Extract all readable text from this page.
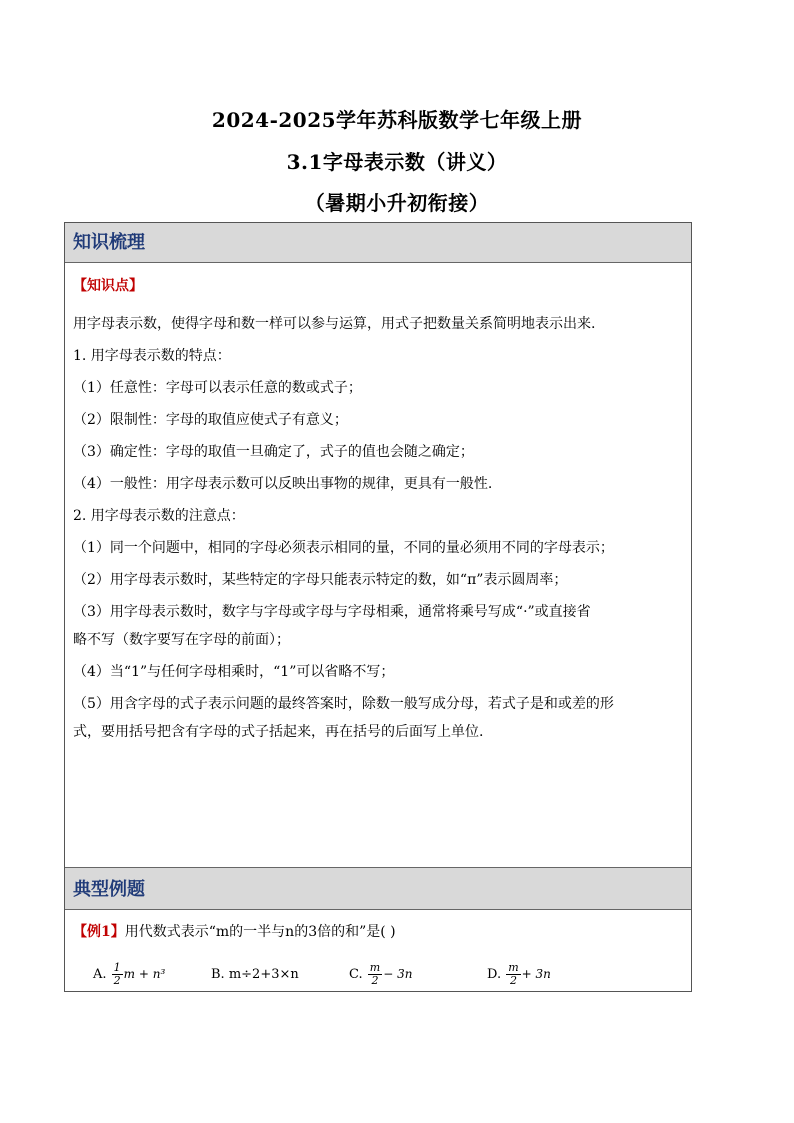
2024-2025学年苏科版数学七年级上册
3.1字母表示数（讲义）
（暑期小升初衔接）
知识梳理
【知识点】
用字母表示数，使得字母和数一样可以参与运算，用式子把数量关系简明地表示出来.
1. 用字母表示数的特点：
（1）任意性：字母可以表示任意的数或式子；
（2）限制性：字母的取值应使式子有意义；
（3）确定性：字母的取值一旦确定了，式子的值也会随之确定；
（4）一般性：用字母表示数可以反映出事物的规律，更具有一般性.
2. 用字母表示数的注意点：
（1）同一个问题中，相同的字母必须表示相同的量，不同的量必须用不同的字母表示；
（2）用字母表示数时，某些特定的字母只能表示特定的数，如“π”表示圆周率；
（3）用字母表示数时，数字与字母或字母与字母相乘，通常将乘号写成“·”或直接省
略不写（数字要写在字母的前面）；
（4）当“1”与任何字母相乘时，“1”可以省略不写；
（5）用含字母的式子表示问题的最终答案时，除数一般写成分母，若式子是和或差的形
式，要用括号把含有字母的式子括起来，再在括号的后面写上单位.
典型例题
【例1】用代数式表示“m的一半与n的3倍的和”是( )
A.
$\frac{1}{2}$ m + n³	B.
m÷2+3×n	C.
$\frac{m}{2} - 3n$	D.
$\frac{m}{2} + 3n$
